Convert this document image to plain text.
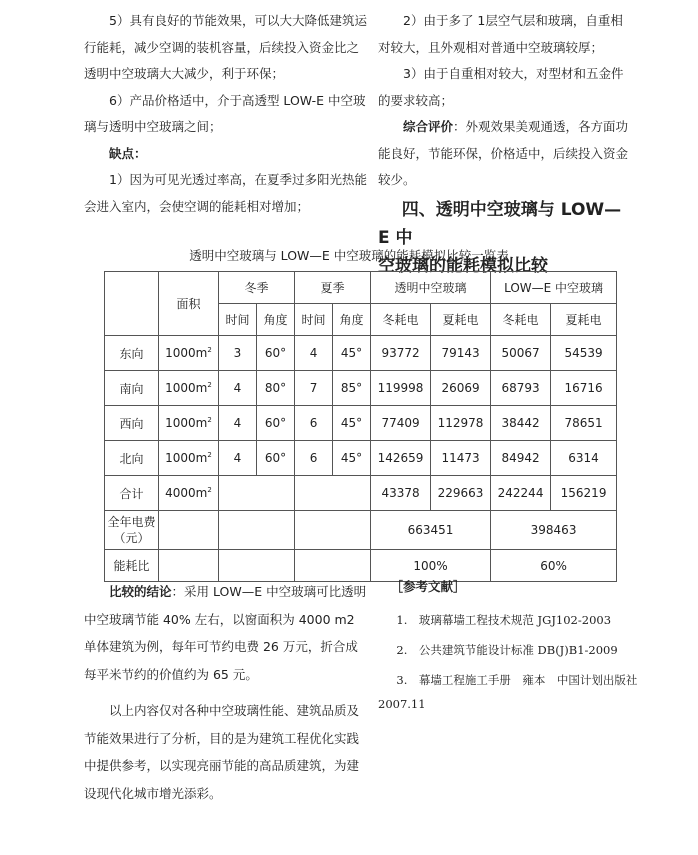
5）具有良好的节能效果，可以大大降低建筑运行能耗，减少空调的装机容量，后续投入资金比之透明中空玻璃大大减少，利于环保；

6）产品价格适中，介于高透型 LOW-E 中空玻璃与透明中空玻璃之间；

缺点：

1）因为可见光透过率高，在夏季过多阳光热能会进入室内，会使空调的能耗相对增加；

2）由于多了 1层空气层和玻璃，自重相对较大，且外观相对普通中空玻璃较厚；

3）由于自重相对较大，对型材和五金件的要求较高；

综合评价：外观效果美观通透，各方面功能良好，节能环保，价格适中，后续投入资金较少。

四、透明中空玻璃与 LOW—E 中
空玻璃的能耗模拟比较

透明中空玻璃与 LOW—E 中空玻璃的能耗模拟比较一览表
	面积	冬季		夏季		透明中空玻璃		LOW—E 中空玻璃	
		时间	角度	时间	角度	冬耗电	夏耗电	冬耗电	夏耗电
东向	$1000m^2$	3	60°	4	45°	93772	79143	50067	54539
南向	$1000m^2$	4	80°	7	85°	119998	26069	68793	16716
西向	$1000m^2$	4	60°	6	45°	77409	112978	38442	78651
北向	$1000m^2$	4	60°	6	45°	142659	11473	84942	6314
合计	$4000m^2$					43378	229663	242244	156219
全年电费
（元）						663451		398463	
能耗比						100%		60%	

比较的结论：采用 LOW—E 中空玻璃可比透明中空玻璃节能 40% 左右，以窗面积为 4000 m2 单体建筑为例，每年可节约电费 26 万元，折合成每平米节约的价值约为 65 元。

以上内容仅对各种中空玻璃性能、建筑品质及节能效果进行了分析，目的是为建筑工程优化实践中提供参考，以实现亮丽节能的高品质建筑，为建设现代化城市增光添彩。

［参考文献］

1.　玻璃幕墙工程技术规范 JGJ102-2003

2.　公共建筑节能设计标准 DB(J)B1-2009

3.　幕墙工程施工手册　雍本　中国计划出版社

2007.11
